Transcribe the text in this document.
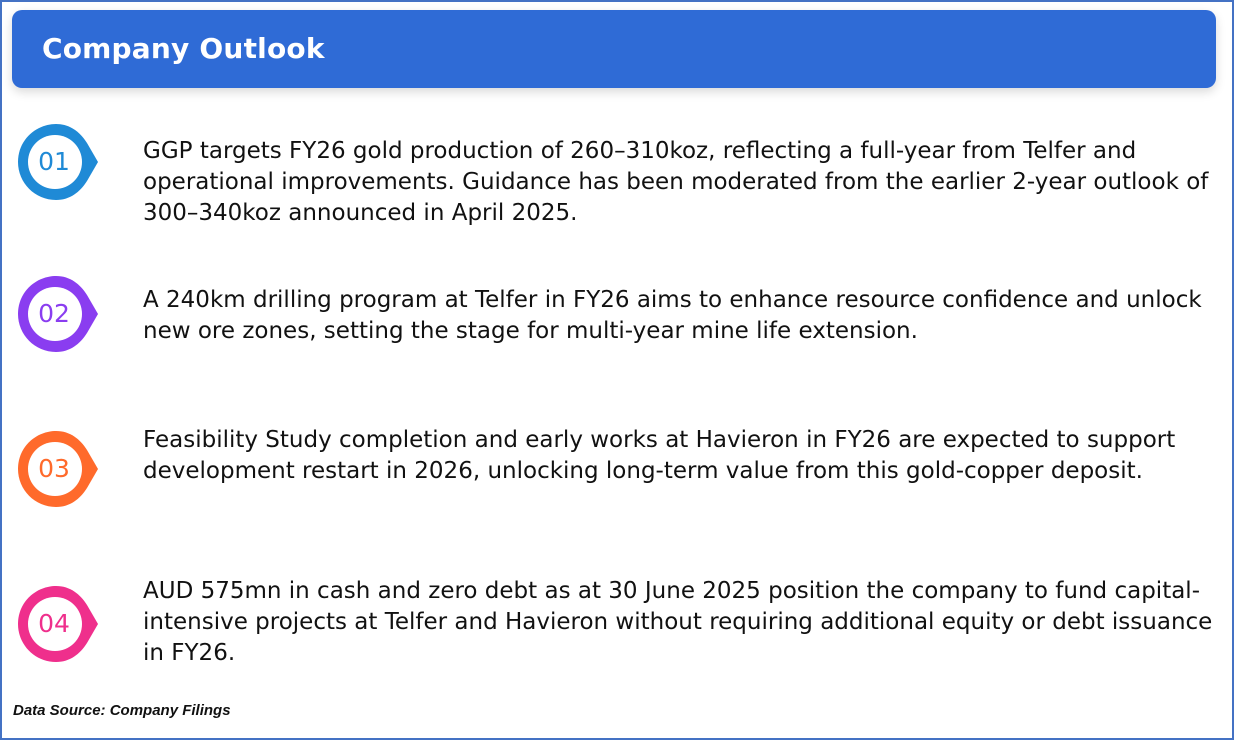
Company Outlook
01	GGP targets FY26 gold production of 260–310koz, reflecting a full-year from Telfer and operational improvements. Guidance has been moderated from the earlier 2-year outlook of 300–340koz announced in April 2025.
02	A 240km drilling program at Telfer in FY26 aims to enhance resource confidence and unlock new ore zones, setting the stage for multi-year mine life extension.
03
Feasibility Study completion and early works at Havieron in FY26 are expected to support development restart in 2026, unlocking long-term value from this gold-copper deposit.
04
AUD 575mn in cash and zero debt as at 30 June 2025 position the company to fund capital-intensive projects at Telfer and Havieron without requiring additional equity or debt issuance in FY26.
Data Source: Company Filings
